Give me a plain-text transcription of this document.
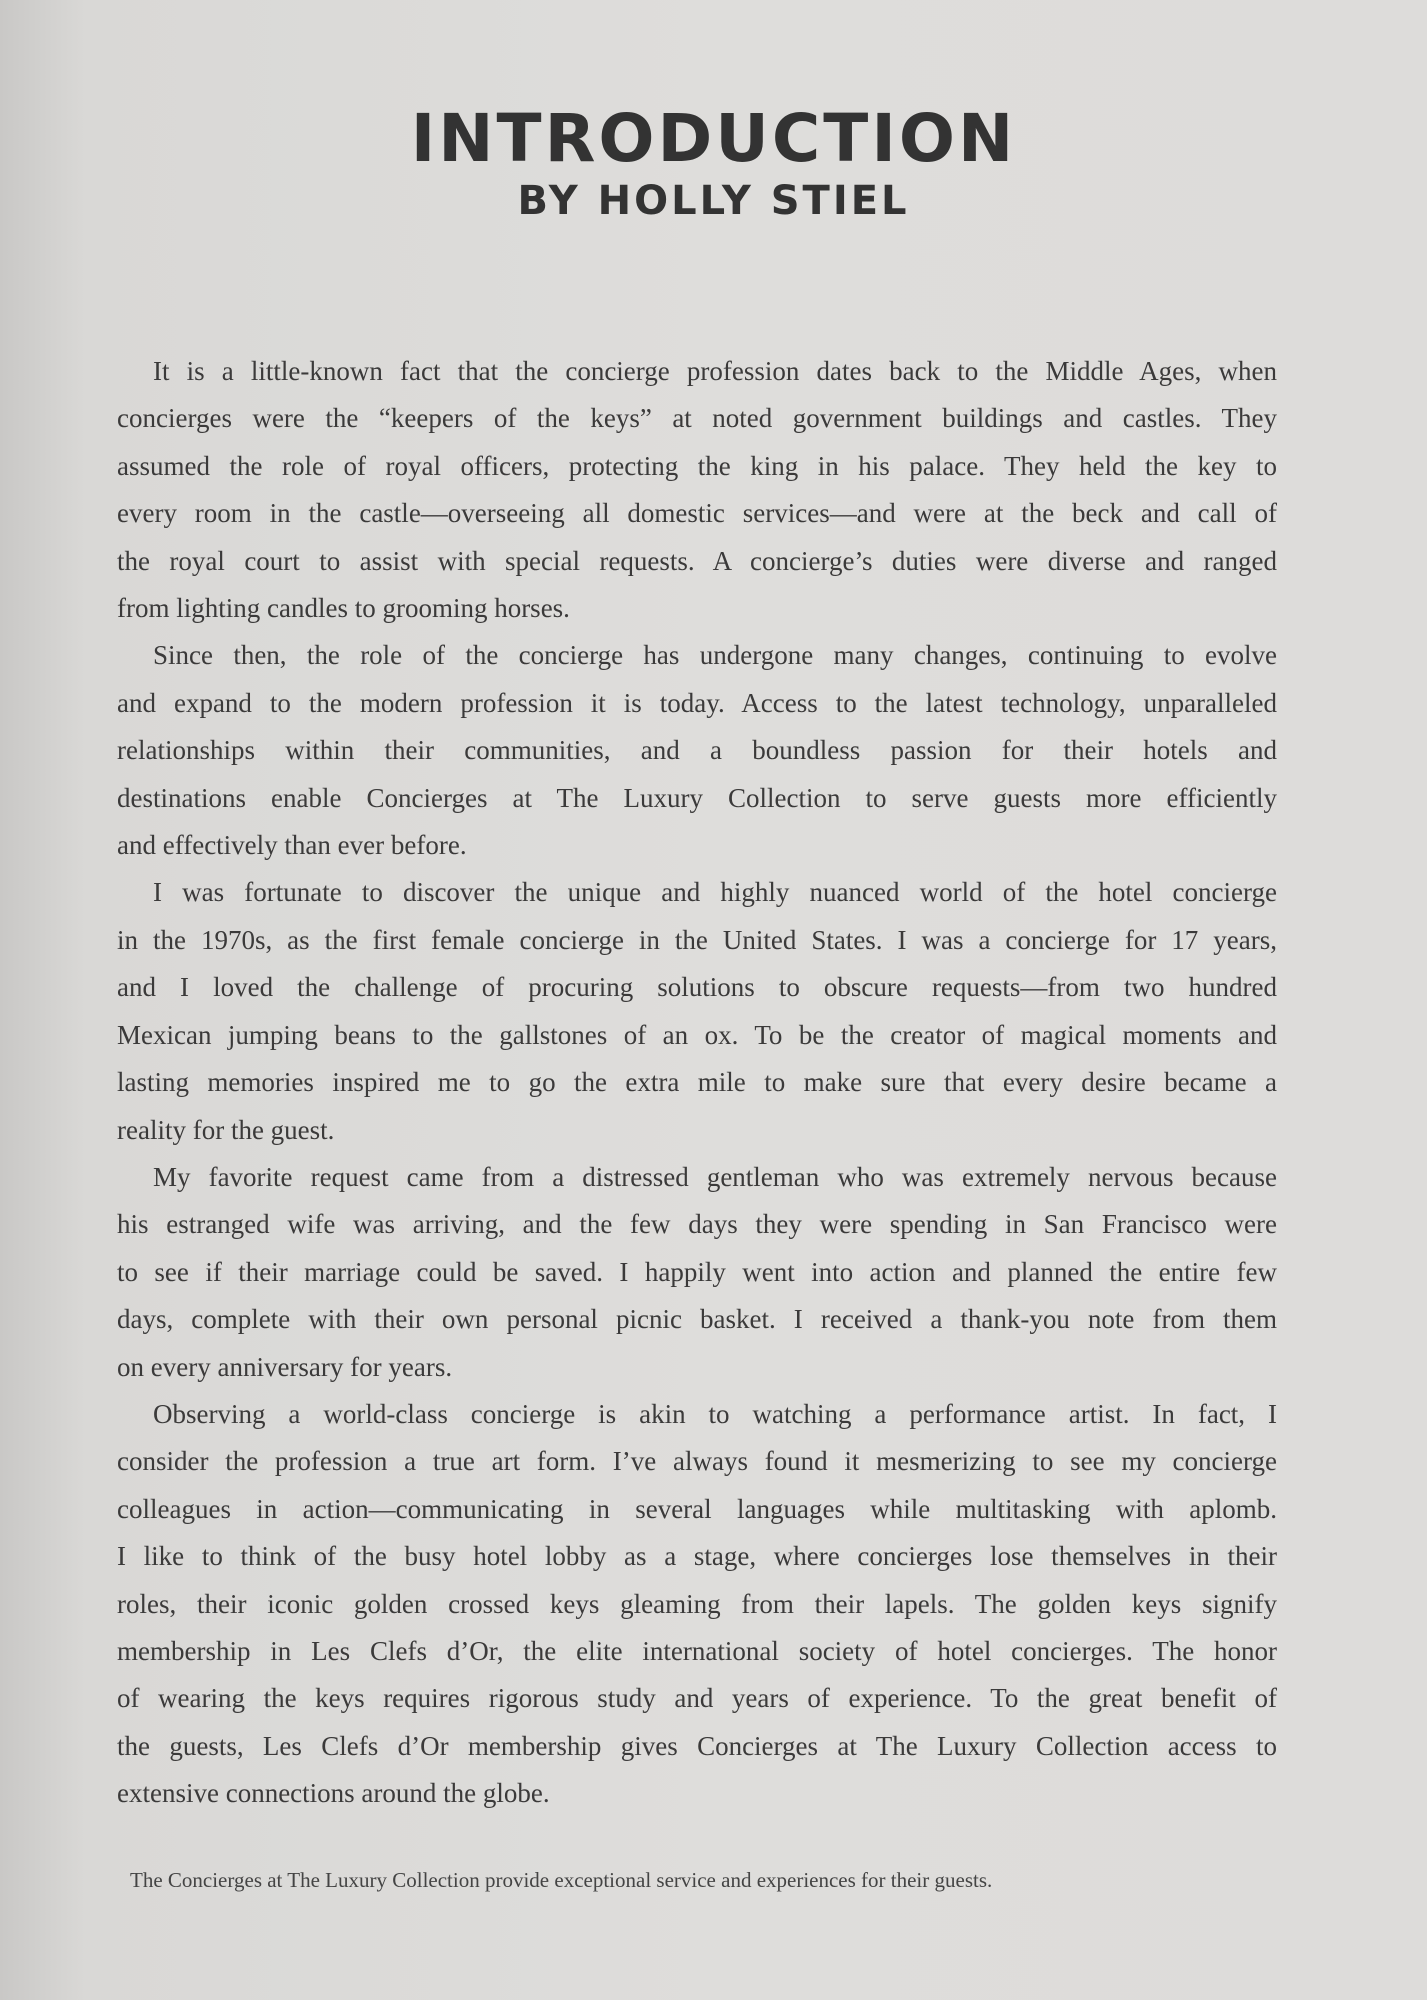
INTRODUCTION
BY HOLLY STIEL
It is a little-known fact that the concierge profession dates back to the Middle Ages, when
concierges were the “keepers of the keys” at noted government buildings and castles. They
assumed the role of royal officers, protecting the king in his palace. They held the key to
every room in the castle—overseeing all domestic services—and were at the beck and call of
the royal court to assist with special requests. A concierge’s duties were diverse and ranged
from lighting candles to grooming horses.
Since then, the role of the concierge has undergone many changes, continuing to evolve
and expand to the modern profession it is today. Access to the latest technology, unparalleled
relationships within their communities, and a boundless passion for their hotels and
destinations enable Concierges at The Luxury Collection to serve guests more efficiently
and effectively than ever before.
I was fortunate to discover the unique and highly nuanced world of the hotel concierge
in the 1970s, as the first female concierge in the United States. I was a concierge for 17 years,
and I loved the challenge of procuring solutions to obscure requests—from two hundred
Mexican jumping beans to the gallstones of an ox. To be the creator of magical moments and
lasting memories inspired me to go the extra mile to make sure that every desire became a
reality for the guest.
My favorite request came from a distressed gentleman who was extremely nervous because
his estranged wife was arriving, and the few days they were spending in San Francisco were
to see if their marriage could be saved. I happily went into action and planned the entire few
days, complete with their own personal picnic basket. I received a thank-you note from them
on every anniversary for years.
Observing a world-class concierge is akin to watching a performance artist. In fact, I
consider the profession a true art form. I’ve always found it mesmerizing to see my concierge
colleagues in action—communicating in several languages while multitasking with aplomb.
I like to think of the busy hotel lobby as a stage, where concierges lose themselves in their
roles, their iconic golden crossed keys gleaming from their lapels. The golden keys signify
membership in Les Clefs d’Or, the elite international society of hotel concierges. The honor
of wearing the keys requires rigorous study and years of experience. To the great benefit of
the guests, Les Clefs d’Or membership gives Concierges at The Luxury Collection access to
extensive connections around the globe.
The Concierges at The Luxury Collection provide exceptional service and experiences for their guests.
